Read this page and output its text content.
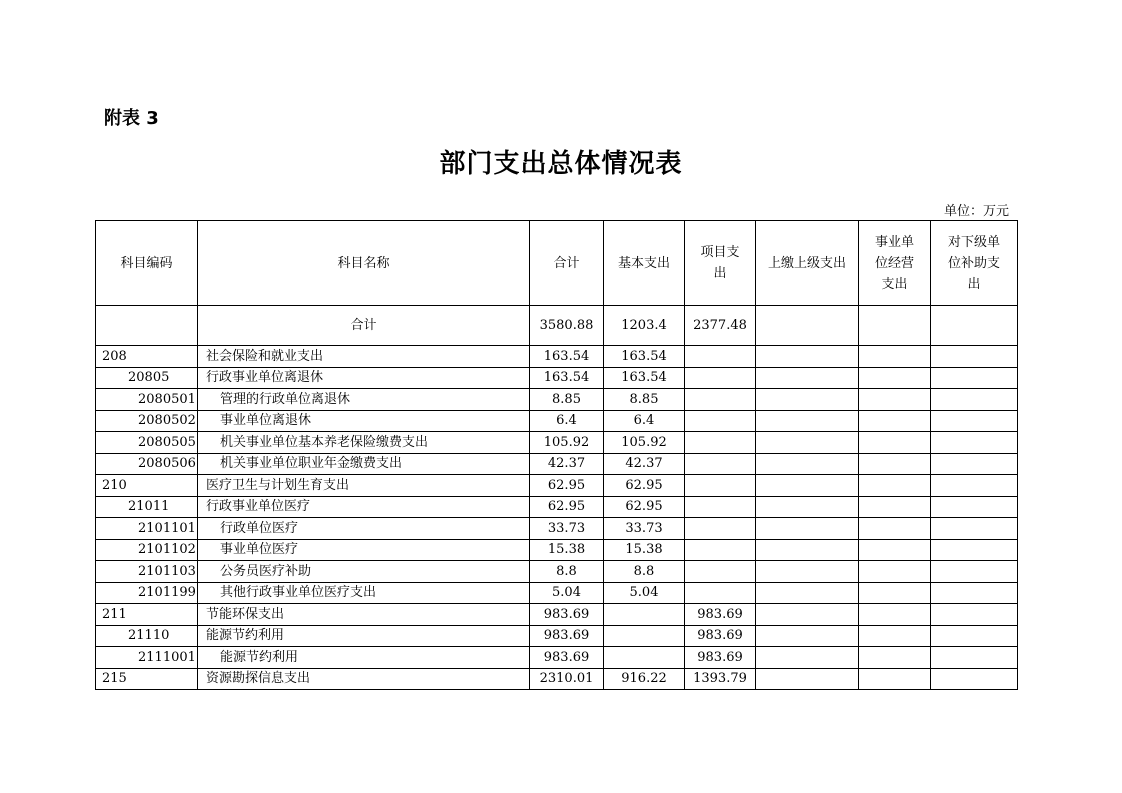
附表 3
部门支出总体情况表
单位：万元
科目编码	科目名称	合计	基本支出	项目支出	上缴上级支出	事业单位经营支出	对下级单位补助支出
	合计	3580.88	1203.4	2377.48			
208	社会保险和就业支出	163.54	163.54				
20805	行政事业单位离退休	163.54	163.54				
2080501	管理的行政单位离退休	8.85	8.85				
2080502	事业单位离退休	6.4	6.4				
2080505	机关事业单位基本养老保险缴费支出	105.92	105.92				
2080506	机关事业单位职业年金缴费支出	42.37	42.37				
210	医疗卫生与计划生育支出	62.95	62.95				
21011	行政事业单位医疗	62.95	62.95				
2101101	行政单位医疗	33.73	33.73				
2101102	事业单位医疗	15.38	15.38				
2101103	公务员医疗补助	8.8	8.8				
2101199	其他行政事业单位医疗支出	5.04	5.04				
211	节能环保支出	983.69		983.69			
21110	能源节约利用	983.69		983.69			
2111001	能源节约利用	983.69		983.69			
215	资源勘探信息支出	2310.01	916.22	1393.79			
